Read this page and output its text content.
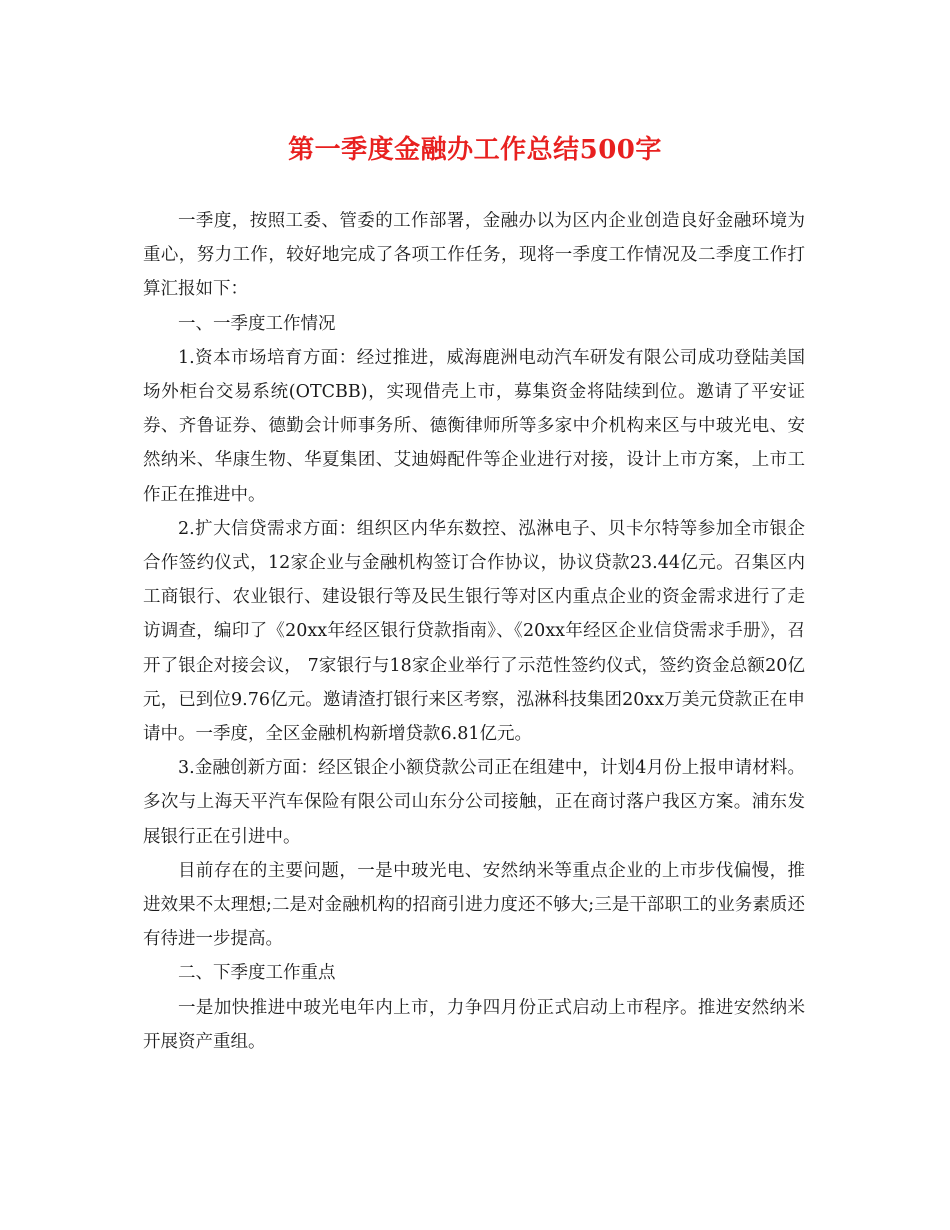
第一季度金融办工作总结500字

一季度，按照工委、管委的工作部署，金融办以为区内企业创造良好金融环境为重心，努力工作，较好地完成了各项工作任务，现将一季度工作情况及二季度工作打算汇报如下：

一、一季度工作情况

1.资本市场培育方面：经过推进，威海鹿洲电动汽车研发有限公司成功登陆美国场外柜台交易系统(OTCBB)，实现借壳上市，募集资金将陆续到位。邀请了平安证券、齐鲁证券、德勤会计师事务所、德衡律师所等多家中介机构来区与中玻光电、安然纳米、华康生物、华夏集团、艾迪姆配件等企业进行对接，设计上市方案，上市工作正在推进中。

2.扩大信贷需求方面：组织区内华东数控、泓淋电子、贝卡尔特等参加全市银企合作签约仪式，12家企业与金融机构签订合作协议，协议贷款23.44亿元。召集区内工商银行、农业银行、建设银行等及民生银行等对区内重点企业的资金需求进行了走访调查，编印了《20xx年经区银行贷款指南》、《20xx年经区企业信贷需求手册》，召开了银企对接会议， 7家银行与18家企业举行了示范性签约仪式，签约资金总额20亿元，已到位9.76亿元。邀请渣打银行来区考察，泓淋科技集团20xx万美元贷款正在申请中。一季度，全区金融机构新增贷款6.81亿元。

3.金融创新方面：经区银企小额贷款公司正在组建中，计划4月份上报申请材料。多次与上海天平汽车保险有限公司山东分公司接触，正在商讨落户我区方案。浦东发展银行正在引进中。

目前存在的主要问题，一是中玻光电、安然纳米等重点企业的上市步伐偏慢，推进效果不太理想;二是对金融机构的招商引进力度还不够大;三是干部职工的业务素质还有待进一步提高。

二、下季度工作重点

一是加快推进中玻光电年内上市，力争四月份正式启动上市程序。推进安然纳米开展资产重组。
